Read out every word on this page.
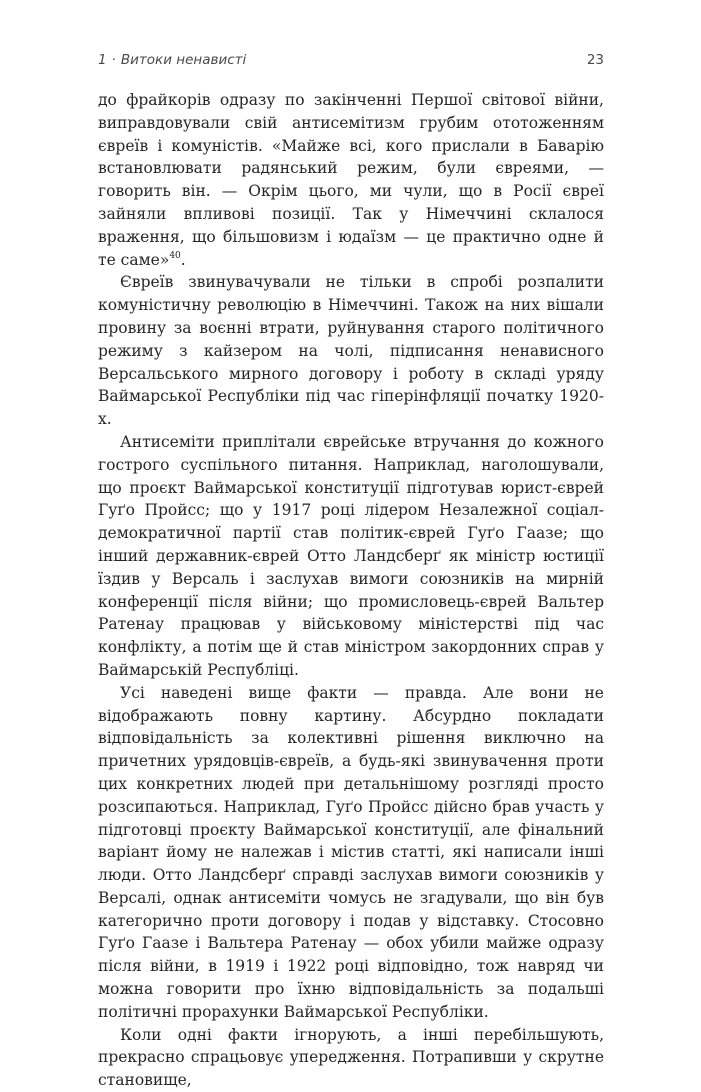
1 · Витоки ненависті	23

до фрайкорів одразу по закінченні Першої світової війни, виправдовували свій антисемітизм грубим ототоженням євреїв і комуністів. «Майже всі, кого прислали в Баварію встановлювати радянський режим, були євреями, — говорить він. — Окрім цього, ми чули, що в Росії євреї зайняли впливові позиції. Так у Німеччині склалося враження, що більшовизм і юдаїзм — це практично одне й те саме»$^{40}$.

Євреїв звинувачували не тільки в спробі розпалити комуністичну революцію в Німеччині. Також на них вішали провину за воєнні втрати, руйнування старого політичного режиму з кайзером на чолі, підписання ненависного Версальського мирного договору і роботу в складі уряду Ваймарської Республіки під час гіперінфляції початку 1920-х.

Антисеміти приплітали єврейське втручання до кожного гострого суспільного питання. Наприклад, наголошували, що проєкт Ваймарської конституції підготував юрист-єврей Гуґо Пройсс; що у 1917 році лідером Незалежної соціал-демократичної партії став політик-єврей Гуґо Гаазе; що інший державник-єврей Отто Ландсберґ як міністр юстиції їздив у Версаль і заслухав вимоги союзників на мирній конференції після війни; що промисловець-єврей Вальтер Ратенау працював у військовому міністерстві під час конфлікту, а потім ще й став міністром закордонних справ у Ваймарській Республіці.

Усі наведені вище факти — правда. Але вони не відображають повну картину. Абсурдно покладати відповідальність за колективні рішення виключно на причетних урядовців-євреїв, а будь-які звинувачення проти цих конкретних людей при детальнішому розгляді просто розсипаються. Наприклад, Гуґо Пройсс дійсно брав участь у підготовці проєкту Ваймарської конституції, але фінальний варіант йому не належав і містив статті, які написали інші люди. Отто Ландсберґ справді заслухав вимоги союзників у Версалі, однак антисеміти чомусь не згадували, що він був категорично проти договору і подав у відставку. Стосовно Гуґо Гаазе і Вальтера Ратенау — обох убили майже одразу після війни, в 1919 і 1922 році відповідно, тож навряд чи можна говорити про їхню відповідальність за подальші політичні прорахунки Ваймарської Республіки.

Коли одні факти ігнорують, а інші перебільшують, прекрасно спрацьовує упередження. Потрапивши у скрутне становище,
